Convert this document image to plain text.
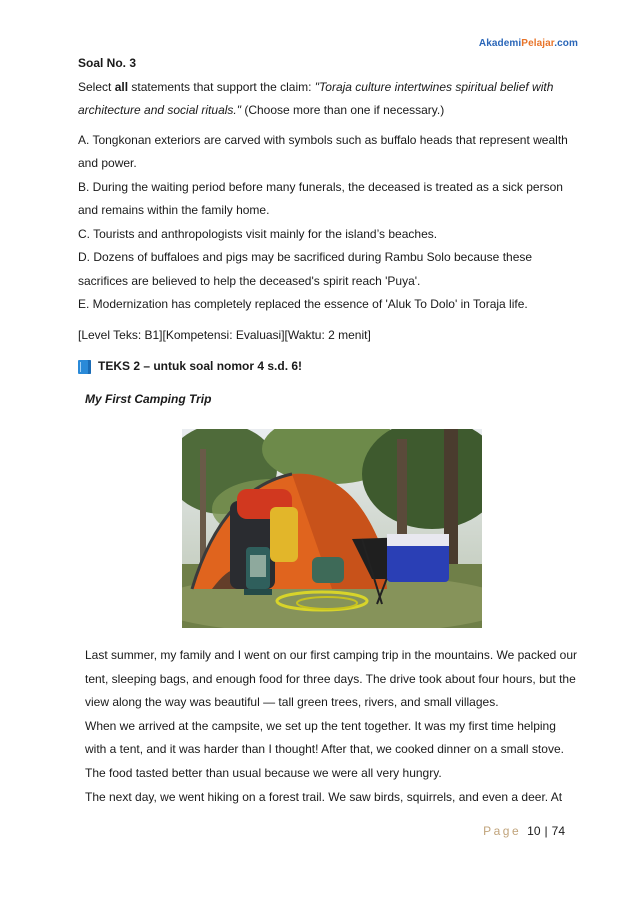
AkademiPelajar.com

Soal No. 3

Select all statements that support the claim: "Toraja culture intertwines spiritual belief with architecture and social rituals." (Choose more than one if necessary.)

A. Tongkonan exteriors are carved with symbols such as buffalo heads that represent wealth and power.

B. During the waiting period before many funerals, the deceased is treated as a sick person and remains within the family home.

C. Tourists and anthropologists visit mainly for the island’s beaches.

D. Dozens of buffaloes and pigs may be sacrificed during Rambu Solo because these sacrifices are believed to help the deceased's spirit reach 'Puya'.

E. Modernization has completely replaced the essence of 'Aluk To Dolo' in Toraja life.

[Level Teks: B1][Kompetensi: Evaluasi][Waktu: 2 menit]

TEKS 2 – untuk soal nomor 4 s.d. 6!

My First Camping Trip

Last summer, my family and I went on our first camping trip in the mountains. We packed our tent, sleeping bags, and enough food for three days. The drive took about four hours, but the view along the way was beautiful — tall green trees, rivers, and small villages.

When we arrived at the campsite, we set up the tent together. It was my first time helping with a tent, and it was harder than I thought! After that, we cooked dinner on a small stove. The food tasted better than usual because we were all very hungry.

The next day, we went hiking on a forest trail. We saw birds, squirrels, and even a deer. At

Page 10 | 74
